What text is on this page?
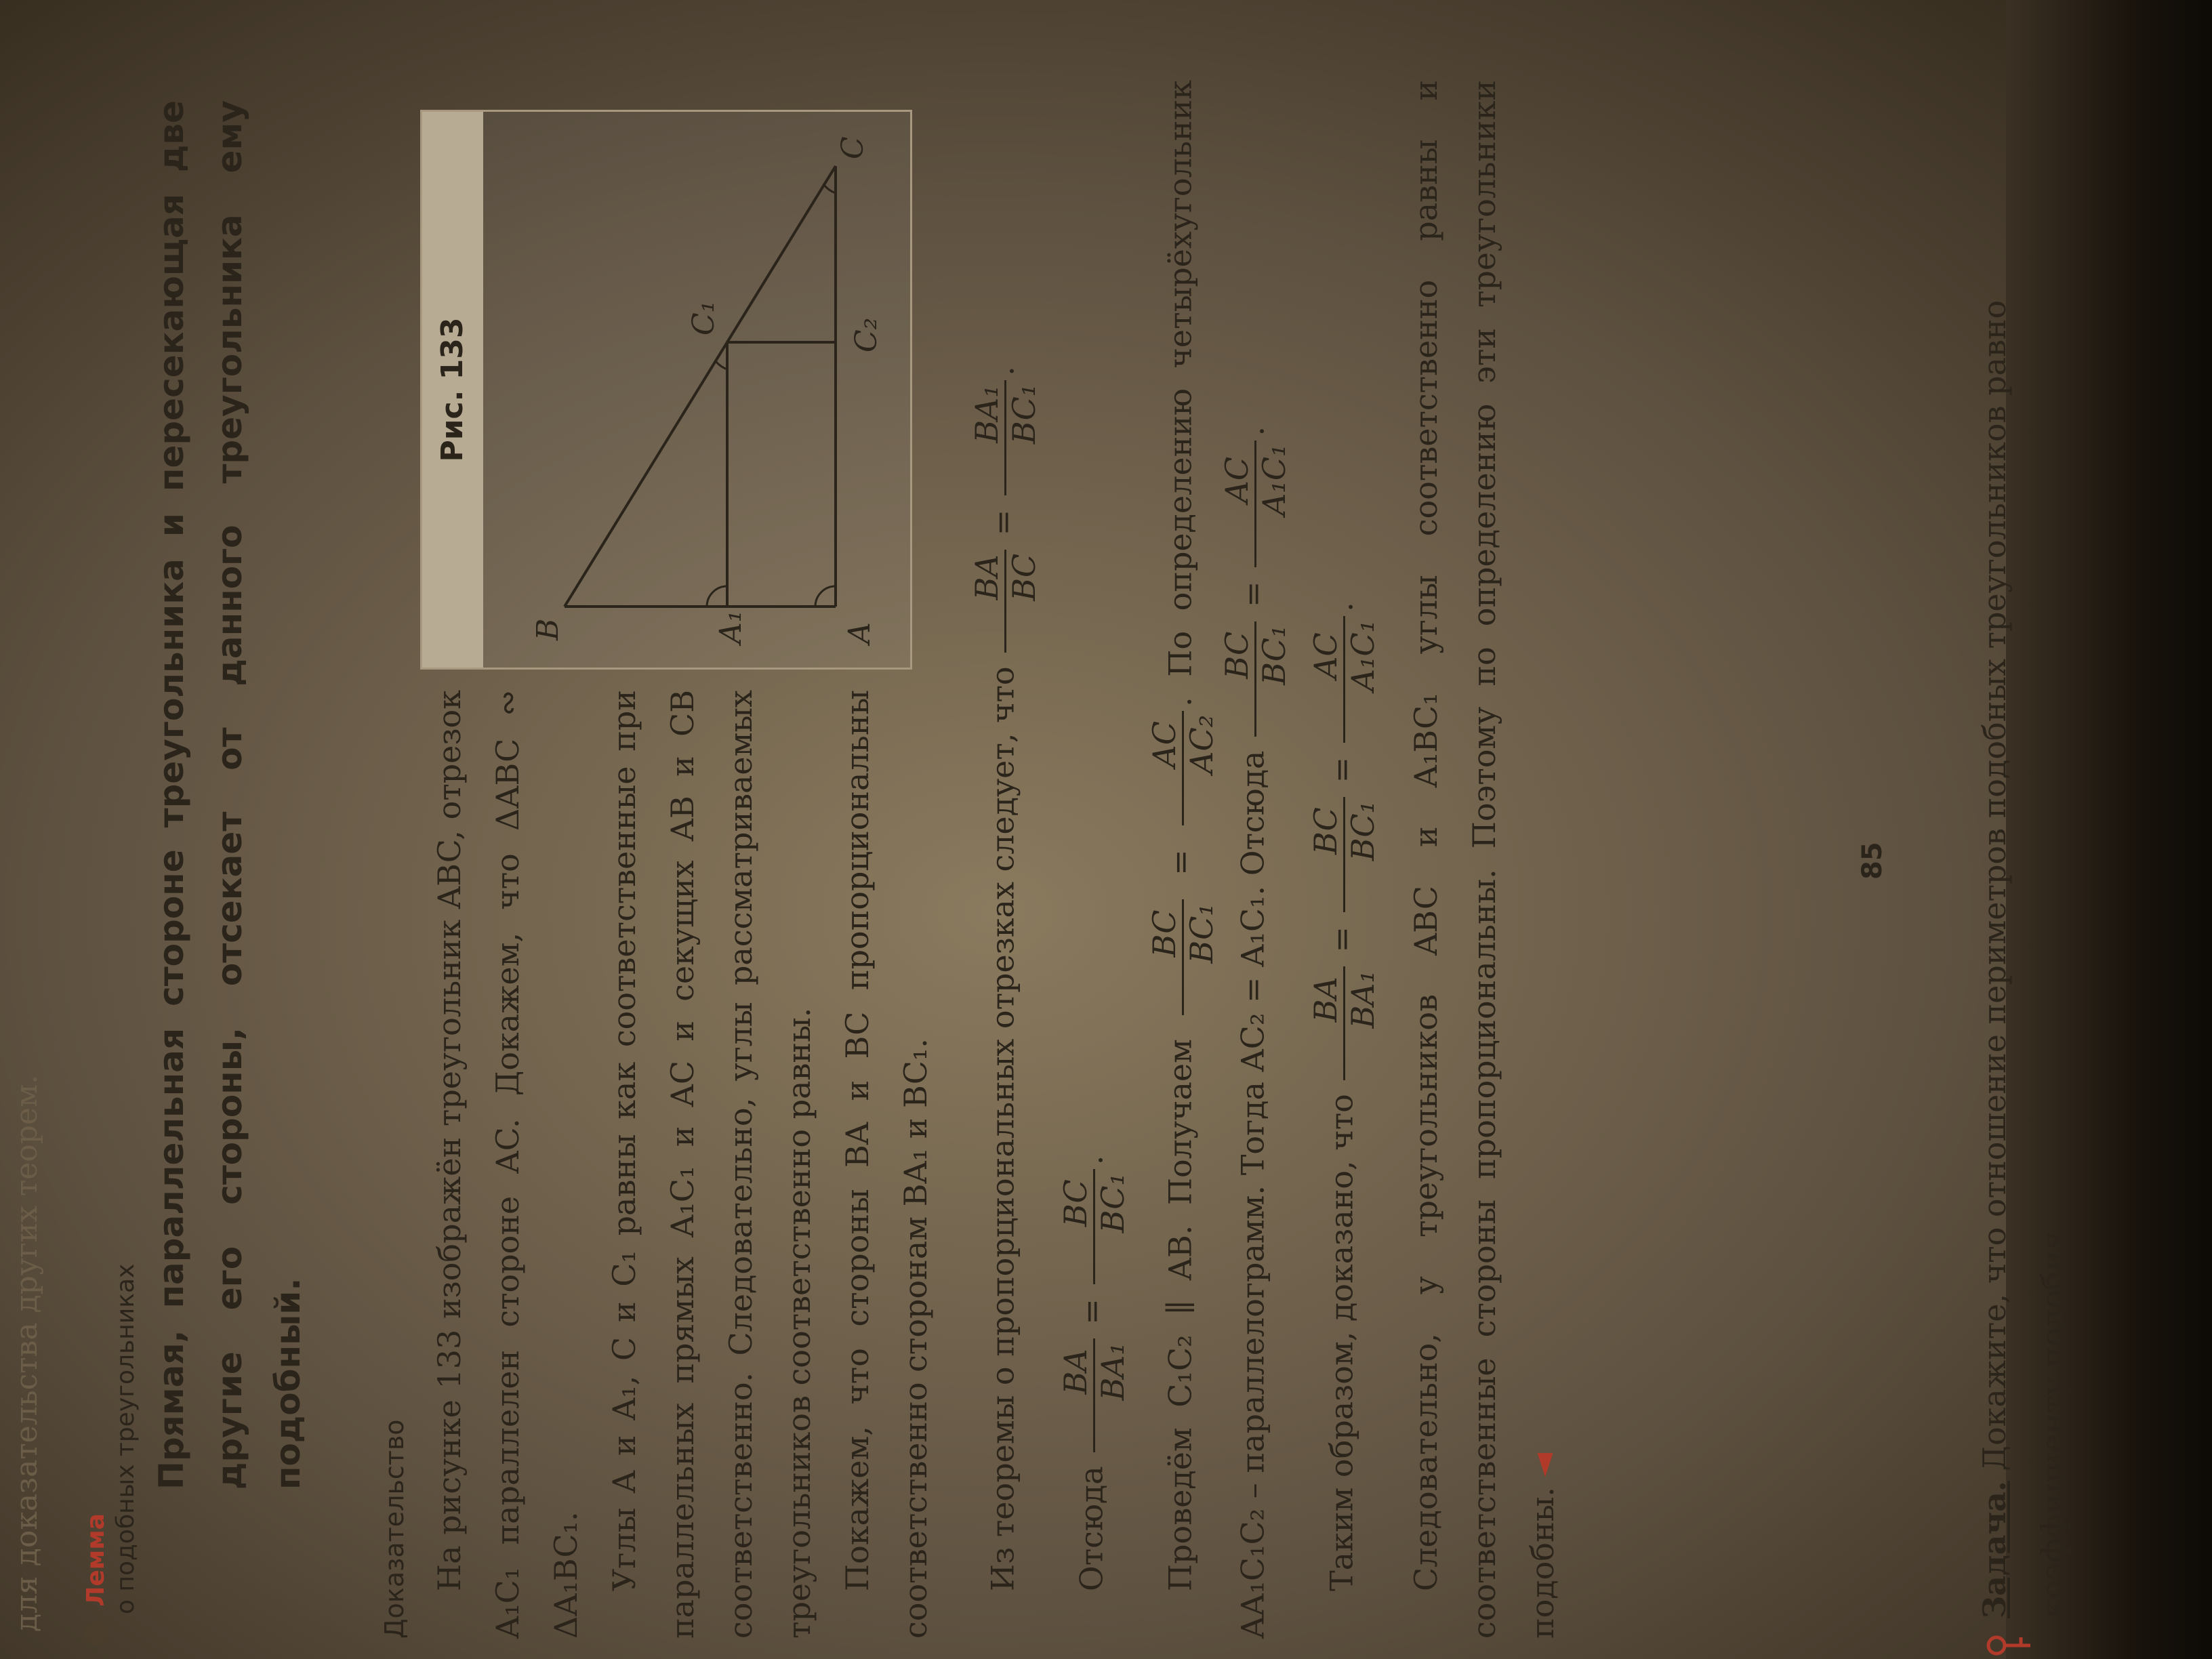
для доказательства других теорем. Лемма о подобных треугольниках Прямая, параллельная стороне треугольника и пересекающая две другие его стороны, отсекает от данного треугольника ему подобный.
Доказательство На рисунке 133 изображён треугольник ABC, отрезок A₁C₁ параллелен стороне AC. Докажем, что ΔABC ∾ ΔA₁BC₁. Углы A и A₁, C и C₁ равны как соответственные при параллельных прямых A₁C₁ и AC и секущих AB и CB соответственно. Следовательно, углы рассматриваемых треугольников соответственно равны. Покажем, что стороны BA и BC пропорциональны соответственно сторонам BA₁ и BC₁.

Рис. 133
B	A₁	A
C₁	C₂
C

Из теоремы о пропорциональных отрезках следует, что
BA BC
=
BA₁ BC₁
.

Отсюда
BA BA₁
=
BC BC₁
.	Проведём C₁C₂ ∥ AB. Получаем
BC BC₁
=
AC AC₂
. По определению четырёхугольник AA₁C₁C₂ – параллелограмм. Тогда AC₂ = A₁C₁. Отсюда
BC BC₁
=
AC A₁C₁
.

Таким образом, доказано, что
BA BA₁
=
BC BC₁
=
AC A₁C₁
.	Следовательно, у треугольников ABC и A₁BC₁ углы соответственно равны и соответственные стороны пропорциональны. Поэтому по определению эти треугольники подобны. ◄

85
Задача. Докажите, что отношение периметров подобных треугольников равно коэффициенту подобия.
